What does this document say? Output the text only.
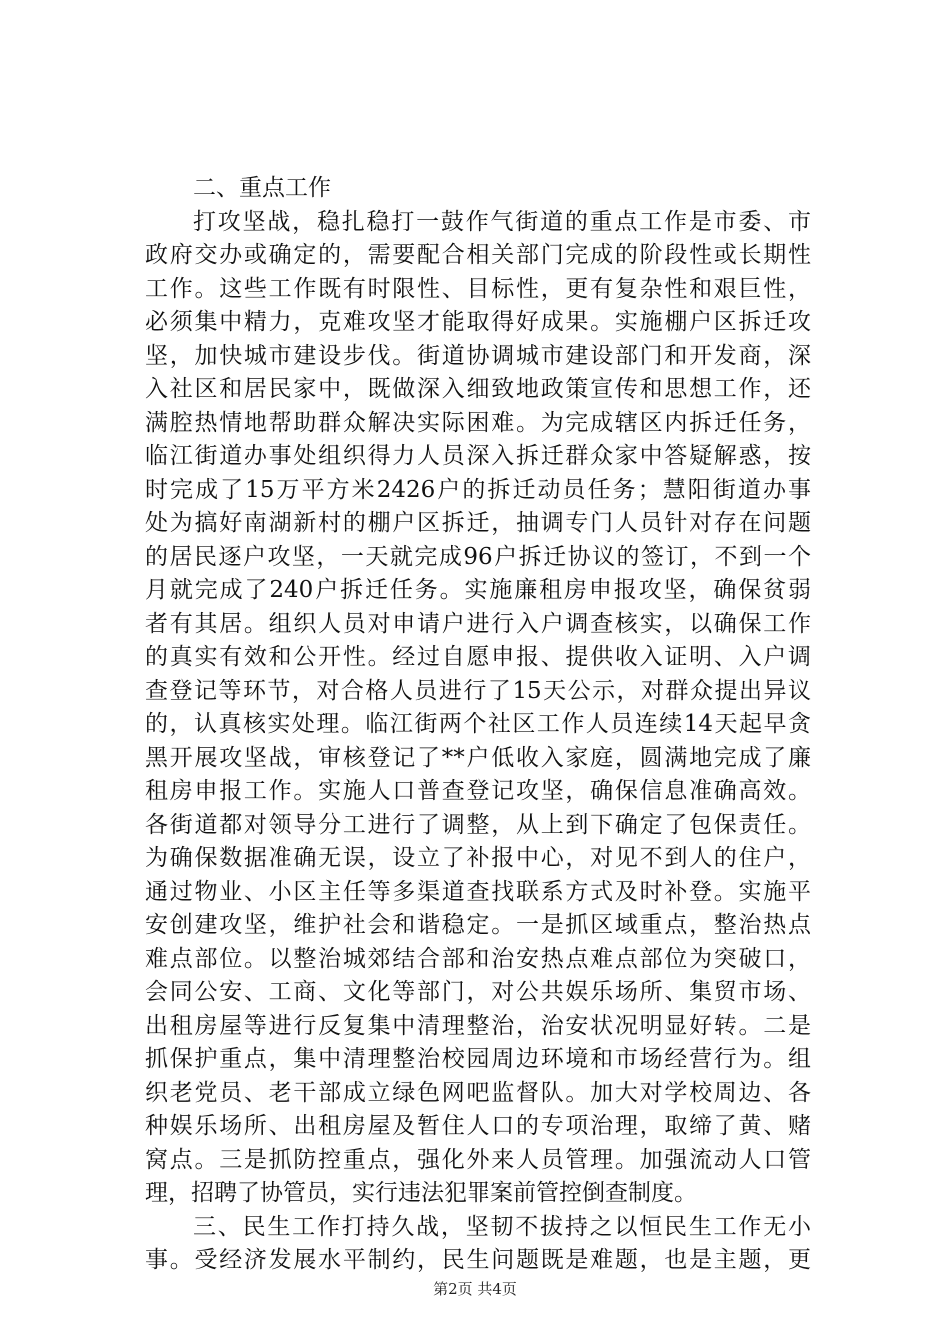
二、重点工作
打攻坚战，稳扎稳打一鼓作气街道的重点工作是市委、市
政府交办或确定的，需要配合相关部门完成的阶段性或长期性
工作。这些工作既有时限性、目标性，更有复杂性和艰巨性，
必须集中精力，克难攻坚才能取得好成果。实施棚户区拆迁攻
坚，加快城市建设步伐。街道协调城市建设部门和开发商，深
入社区和居民家中，既做深入细致地政策宣传和思想工作，还
满腔热情地帮助群众解决实际困难。为完成辖区内拆迁任务，
临江街道办事处组织得力人员深入拆迁群众家中答疑解惑，按
时完成了15万平方米2426户的拆迁动员任务；慧阳街道办事
处为搞好南湖新村的棚户区拆迁，抽调专门人员针对存在问题
的居民逐户攻坚，一天就完成96户拆迁协议的签订，不到一个
月就完成了240户拆迁任务。实施廉租房申报攻坚，确保贫弱
者有其居。组织人员对申请户进行入户调查核实，以确保工作
的真实有效和公开性。经过自愿申报、提供收入证明、入户调
查登记等环节，对合格人员进行了15天公示，对群众提出异议
的，认真核实处理。临江街两个社区工作人员连续14天起早贪
黑开展攻坚战，审核登记了**户低收入家庭，圆满地完成了廉
租房申报工作。实施人口普查登记攻坚，确保信息准确高效。
各街道都对领导分工进行了调整，从上到下确定了包保责任。
为确保数据准确无误，设立了补报中心，对见不到人的住户，
通过物业、小区主任等多渠道查找联系方式及时补登。实施平
安创建攻坚，维护社会和谐稳定。一是抓区域重点，整治热点
难点部位。以整治城郊结合部和治安热点难点部位为突破口，
会同公安、工商、文化等部门，对公共娱乐场所、集贸市场、
出租房屋等进行反复集中清理整治，治安状况明显好转。二是
抓保护重点，集中清理整治校园周边环境和市场经营行为。组
织老党员、老干部成立绿色网吧监督队。加大对学校周边、各
种娱乐场所、出租房屋及暂住人口的专项治理，取缔了黄、赌
窝点。三是抓防控重点，强化外来人员管理。加强流动人口管
理，招聘了协管员，实行违法犯罪案前管控倒查制度。
三、民生工作打持久战，坚韧不拔持之以恒民生工作无小
事。受经济发展水平制约，民生问题既是难题，也是主题，更
第2页 共4页
